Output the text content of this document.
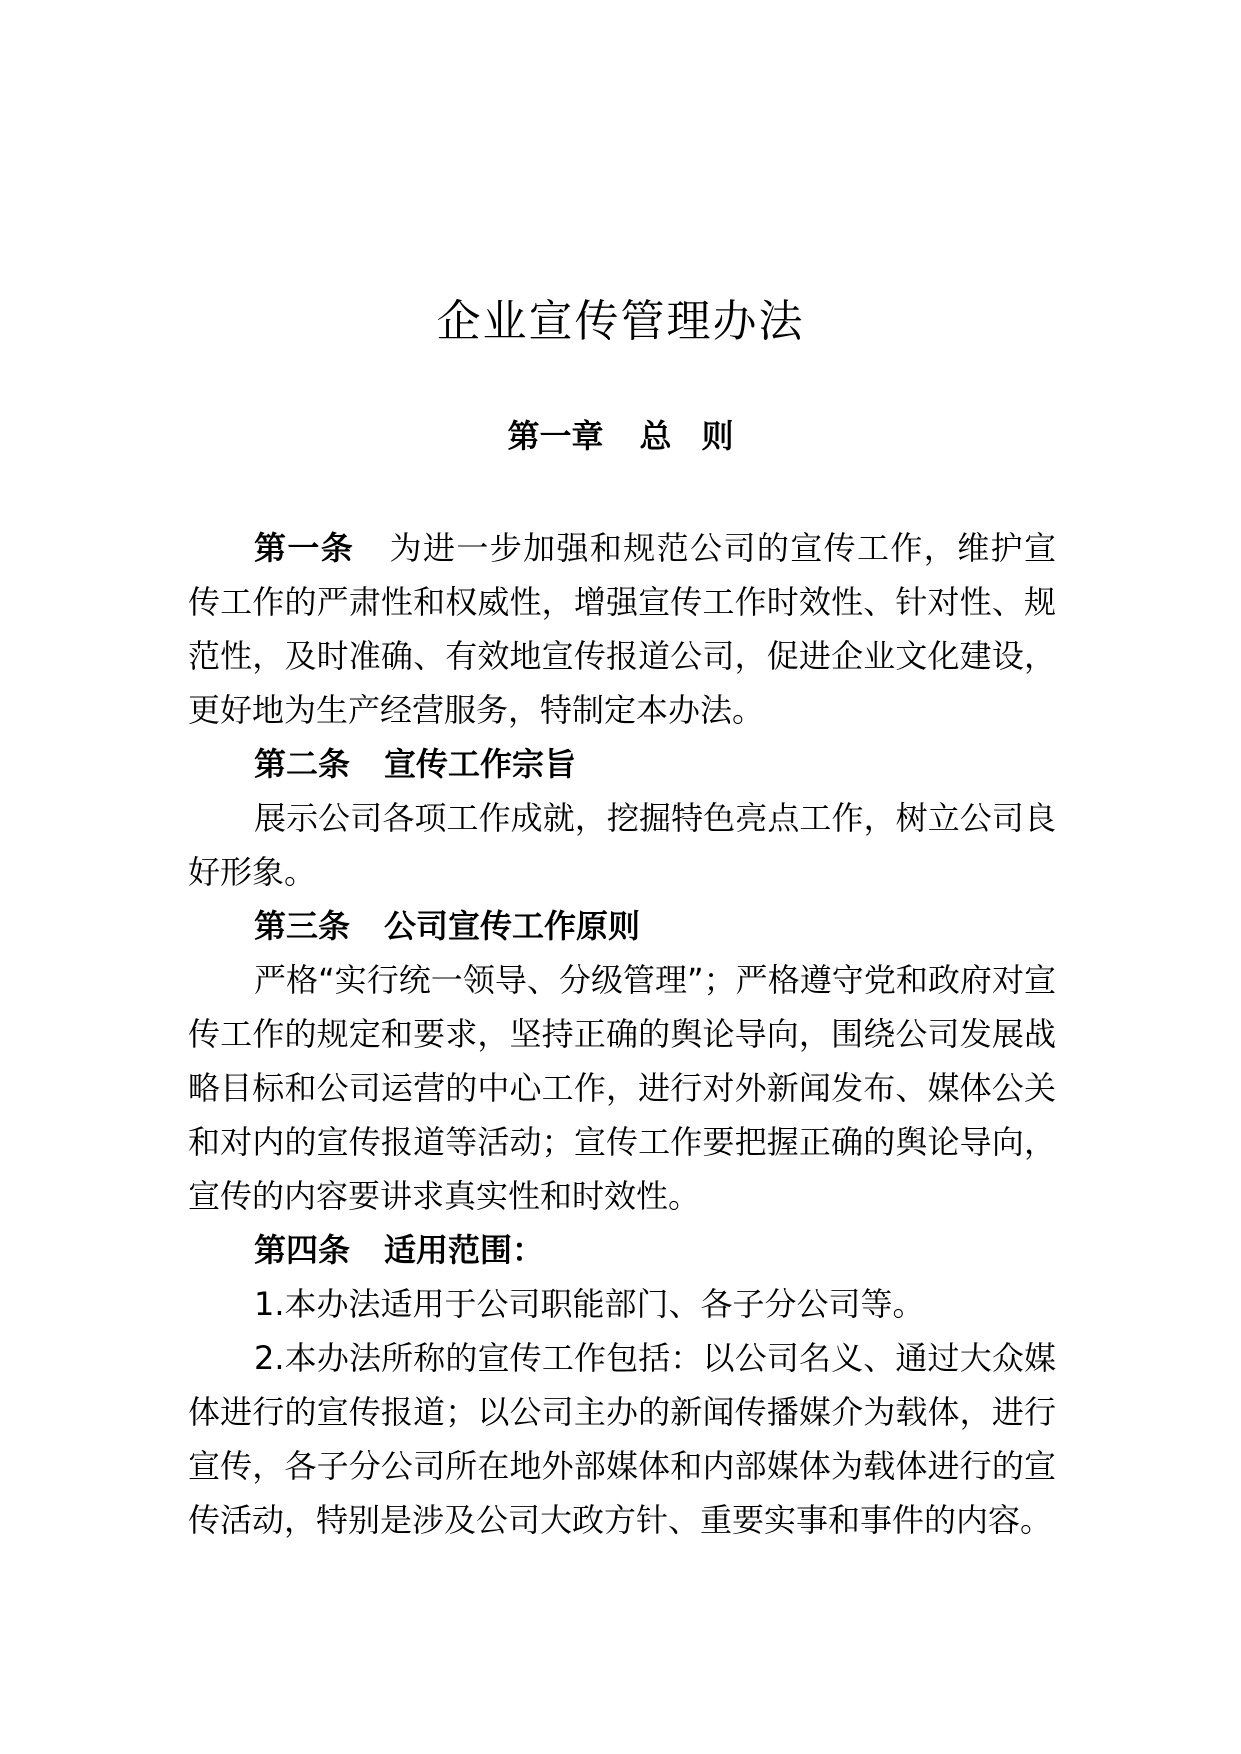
企业宣传管理办法
第一章 总 则

第一条 为进一步加强和规范公司的宣传工作，维护宣传工作的严肃性和权威性，增强宣传工作时效性、针对性、规范性，及时准确、有效地宣传报道公司，促进企业文化建设，更好地为生产经营服务，特制定本办法。

第二条 宣传工作宗旨

展示公司各项工作成就，挖掘特色亮点工作，树立公司良好形象。

第三条 公司宣传工作原则

严格“实行统一领导、分级管理”；严格遵守党和政府对宣传工作的规定和要求，坚持正确的舆论导向，围绕公司发展战略目标和公司运营的中心工作，进行对外新闻发布、媒体公关和对内的宣传报道等活动；宣传工作要把握正确的舆论导向，宣传的内容要讲求真实性和时效性。

第四条 适用范围：

1.本办法适用于公司职能部门、各子分公司等。

2.本办法所称的宣传工作包括：以公司名义、通过大众媒体进行的宣传报道；以公司主办的新闻传播媒介为载体，进行宣传，各子分公司所在地外部媒体和内部媒体为载体进行的宣传活动，特别是涉及公司大政方针、重要实事和事件的内容。
